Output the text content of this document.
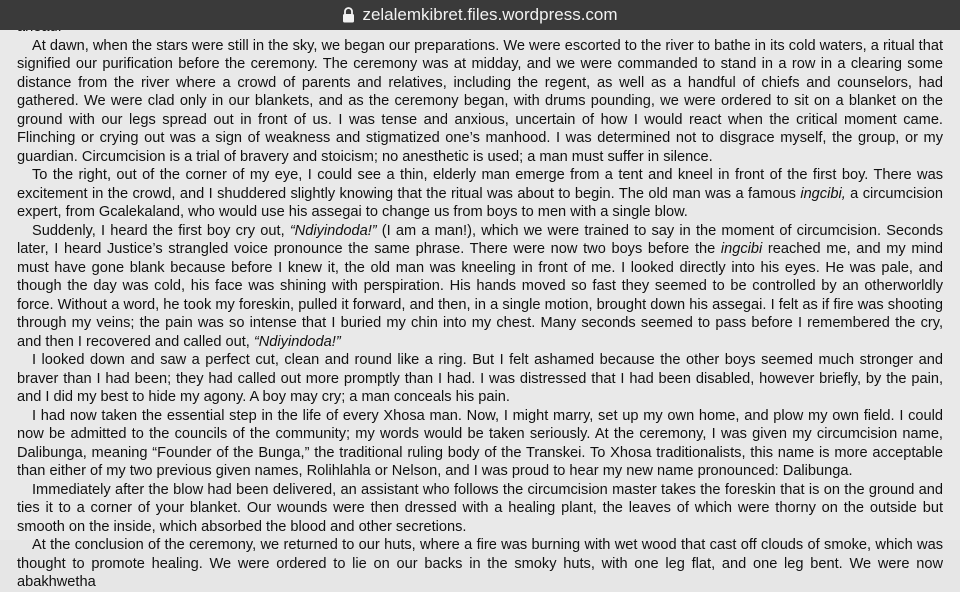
zelalemkibret.files.wordpress.com

At dawn, when the stars were still in the sky, we began our preparations. We were escorted to the river to bathe in its cold waters, a ritual that signified our purification before the ceremony. The ceremony was at midday, and we were commanded to stand in a row in a clearing some distance from the river where a crowd of parents and relatives, including the regent, as well as a handful of chiefs and counselors, had gathered. We were clad only in our blankets, and as the ceremony began, with drums pounding, we were ordered to sit on a blanket on the ground with our legs spread out in front of us. I was tense and anxious, uncertain of how I would react when the critical moment came. Flinching or crying out was a sign of weakness and stigmatized one’s manhood. I was determined not to disgrace myself, the group, or my guardian. Circumcision is a trial of bravery and stoicism; no anesthetic is used; a man must suffer in silence.

To the right, out of the corner of my eye, I could see a thin, elderly man emerge from a tent and kneel in front of the first boy. There was excitement in the crowd, and I shuddered slightly knowing that the ritual was about to begin. The old man was a famous ingcibi, a circumcision expert, from Gcalekaland, who would use his assegai to change us from boys to men with a single blow.

Suddenly, I heard the first boy cry out, “Ndiyindoda!” (I am a man!), which we were trained to say in the moment of circumcision. Seconds later, I heard Justice’s strangled voice pronounce the same phrase. There were now two boys before the ingcibi reached me, and my mind must have gone blank because before I knew it, the old man was kneeling in front of me. I looked directly into his eyes. He was pale, and though the day was cold, his face was shining with perspiration. His hands moved so fast they seemed to be controlled by an otherworldly force. Without a word, he took my foreskin, pulled it forward, and then, in a single motion, brought down his assegai. I felt as if fire was shooting through my veins; the pain was so intense that I buried my chin into my chest. Many seconds seemed to pass before I remembered the cry, and then I recovered and called out, “Ndiyindoda!”

I looked down and saw a perfect cut, clean and round like a ring. But I felt ashamed because the other boys seemed much stronger and braver than I had been; they had called out more promptly than I had. I was distressed that I had been disabled, however briefly, by the pain, and I did my best to hide my agony. A boy may cry; a man conceals his pain.

I had now taken the essential step in the life of every Xhosa man. Now, I might marry, set up my own home, and plow my own field. I could now be admitted to the councils of the community; my words would be taken seriously. At the ceremony, I was given my circumcision name, Dalibunga, meaning “Founder of the Bunga,” the traditional ruling body of the Transkei. To Xhosa traditionalists, this name is more acceptable than either of my two previous given names, Rolihlahla or Nelson, and I was proud to hear my new name pronounced: Dalibunga.

Immediately after the blow had been delivered, an assistant who follows the circumcision master takes the foreskin that is on the ground and ties it to a corner of your blanket. Our wounds were then dressed with a healing plant, the leaves of which were thorny on the outside but smooth on the inside, which absorbed the blood and other secretions.

At the conclusion of the ceremony, we returned to our huts, where a fire was burning with wet wood that cast off clouds of smoke, which was thought to promote healing. We were ordered to lie on our backs in the smoky huts, with one leg flat, and one leg bent. We were now abakhwetha
